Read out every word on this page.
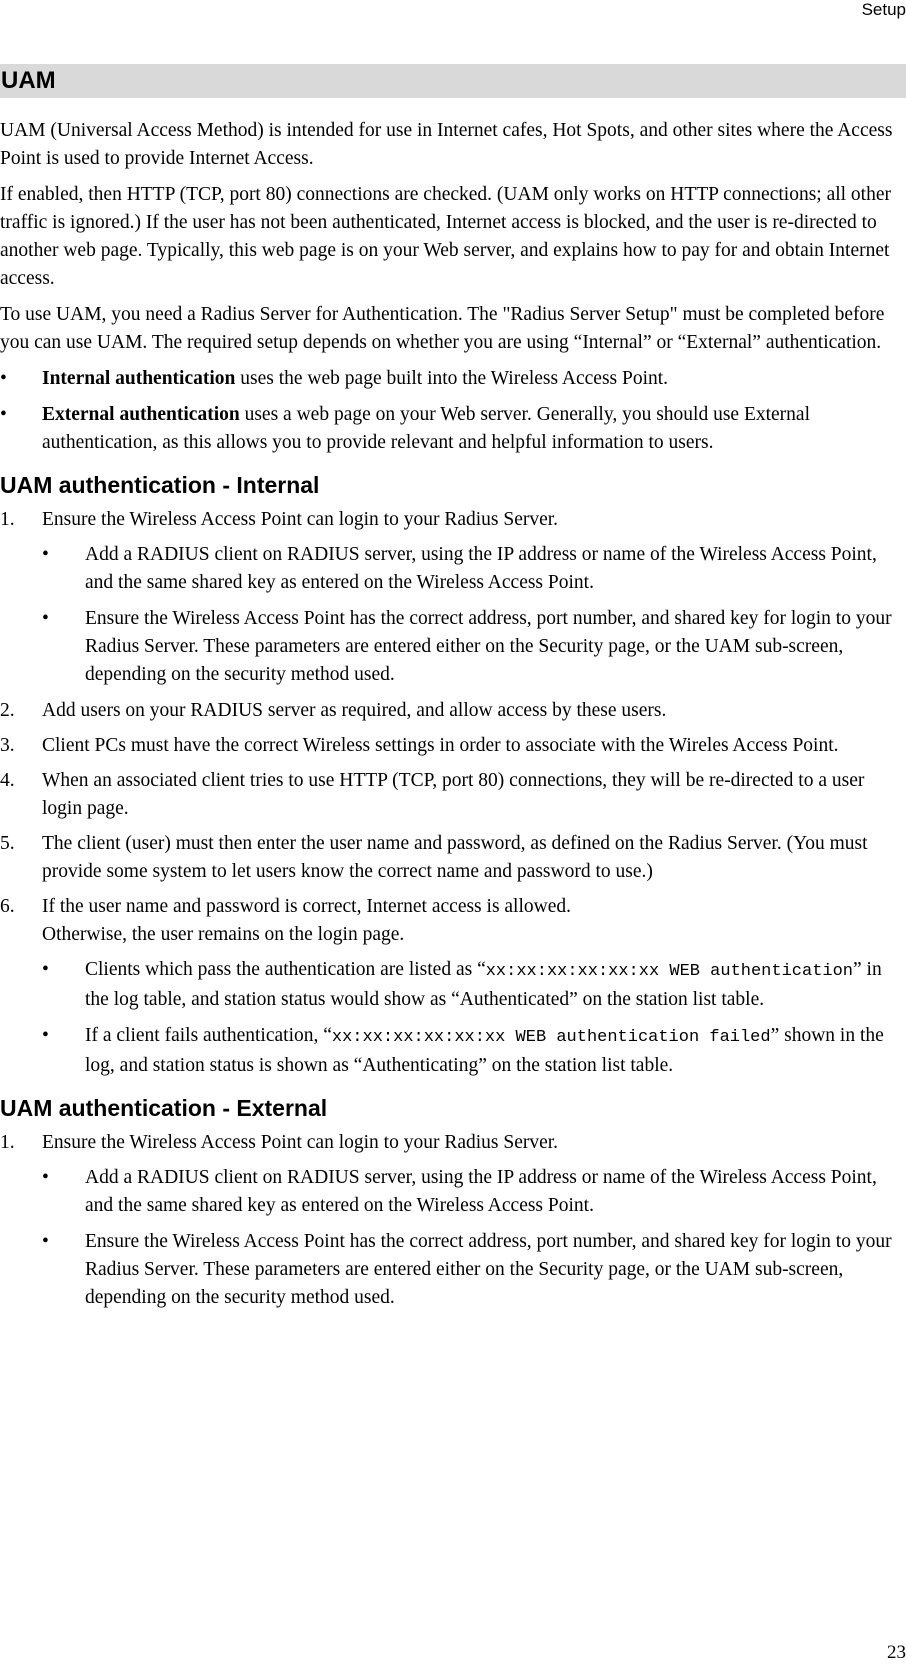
Setup
UAM

UAM (Universal Access Method) is intended for use in Internet cafes, Hot Spots, and other sites where the Access Point is used to provide Internet Access.

If enabled, then HTTP (TCP, port 80) connections are checked. (UAM only works on HTTP connections; all other traffic is ignored.) If the user has not been authenticated, Internet access is blocked, and the user is re-directed to another web page. Typically, this web page is on your Web server, and explains how to pay for and obtain Internet access.

To use UAM, you need a Radius Server for Authentication. The "Radius Server Setup" must be completed before you can use UAM. The required setup depends on whether you are using “Internal” or “External” authentication.

• Internal authentication uses the web page built into the Wireless Access Point.
• External authentication uses a web page on your Web server. Generally, you should use External authentication, as this allows you to provide relevant and helpful information to users.
UAM authentication - Internal
1. Ensure the Wireless Access Point can login to your Radius Server.
• Add a RADIUS client on RADIUS server, using the IP address or name of the Wireless Access Point, and the same shared key as entered on the Wireless Access Point.
• Ensure the Wireless Access Point has the correct address, port number, and shared key for login to your Radius Server. These parameters are entered either on the Security page, or the UAM sub-screen, depending on the security method used.
2. Add users on your RADIUS server as required, and allow access by these users.
3. Client PCs must have the correct Wireless settings in order to associate with the Wireles Access Point.
4. When an associated client tries to use HTTP (TCP, port 80) connections, they will be re-directed to a user login page.
5. The client (user) must then enter the user name and password, as defined on the Radius Server. (You must provide some system to let users know the correct name and password to use.)
6. If the user name and password is correct, Internet access is allowed.
Otherwise, the user remains on the login page.
• Clients which pass the authentication are listed as “xx:xx:xx:xx:xx:xx WEB authentication” in the log table, and station status would show as “Authenticated” on the station list table.
• If a client fails authentication, “xx:xx:xx:xx:xx:xx WEB authentication failed” shown in the log, and station status is shown as “Authenticating” on the station list table.
UAM authentication - External
1. Ensure the Wireless Access Point can login to your Radius Server.
• Add a RADIUS client on RADIUS server, using the IP address or name of the Wireless Access Point, and the same shared key as entered on the Wireless Access Point.
• Ensure the Wireless Access Point has the correct address, port number, and shared key for login to your Radius Server. These parameters are entered either on the Security page, or the UAM sub-screen, depending on the security method used.
23
